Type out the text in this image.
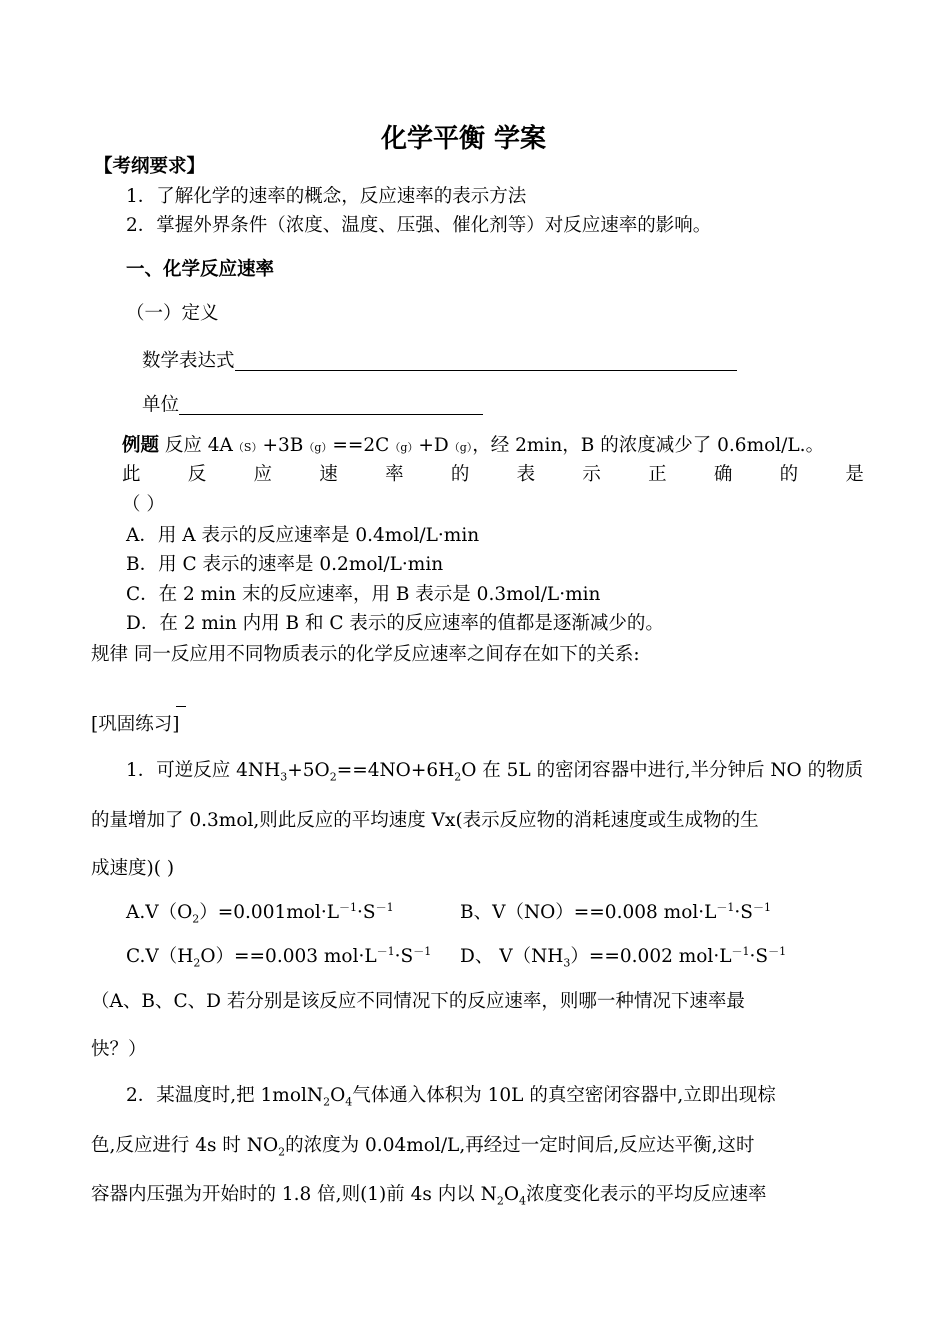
化学平衡 学案
【考纲要求】
1．了解化学的速率的概念，反应速率的表示方法
2．掌握外界条件（浓度、温度、压强、催化剂等）对反应速率的影响。
一、化学反应速率
（一）定义
数学表达式
单位
例题 反应 4A（S）+3B（g）==2C（g）+D（g），经 2min，B 的浓度减少了 0.6mol/L.。
此	反	应	速	率	的	表	示	正	确	的	是
（ ）
A．用 A 表示的反应速率是 0.4mol/L·min
B．用 C 表示的速率是 0.2mol/L·min
C．在 2 min 末的反应速率，用 B 表示是 0.3mol/L·min
D．在 2 min 内用 B 和 C 表示的反应速率的值都是逐渐减少的。
规律 同一反应用不同物质表示的化学反应速率之间存在如下的关系:
[巩固练习]
1．可逆反应 $4NH_3+5O_2==4NO+6H_2O$ 在 5L 的密闭容器中进行,半分钟后 NO 的物质
的量增加了 0.3mol,则此反应的平均速度 Vx(表示反应物的消耗速度或生成物的生
成速度)( )
$A.V(O_2)=0.001mol\cdot L^{-1}\cdot S^{-1}$	B、V（NO）==0.008 $mol\cdot L^{-1}\cdot S^{-1}$
$C.V(H_2O)==0.003$ $mol\cdot L^{-1}\cdot S^{-1}$ D、 $V(NH_3)==0.002$ $mol\cdot L^{-1}\cdot S^{-1}$
（A、B、C、D 若分别是该反应不同情况下的反应速率，则哪一种情况下速率最
快？）
2．某温度时,把 $1molN_2O_4$气体通入体积为 10L 的真空密闭容器中,立即出现棕
色,反应进行 4s 时 $NO_2$的浓度为 0.04mol/L,再经过一定时间后,反应达平衡,这时
容器内压强为开始时的 1.8 倍,则(1)前 4s 内以 $N_2O_4$浓度变化表示的平均反应速率
